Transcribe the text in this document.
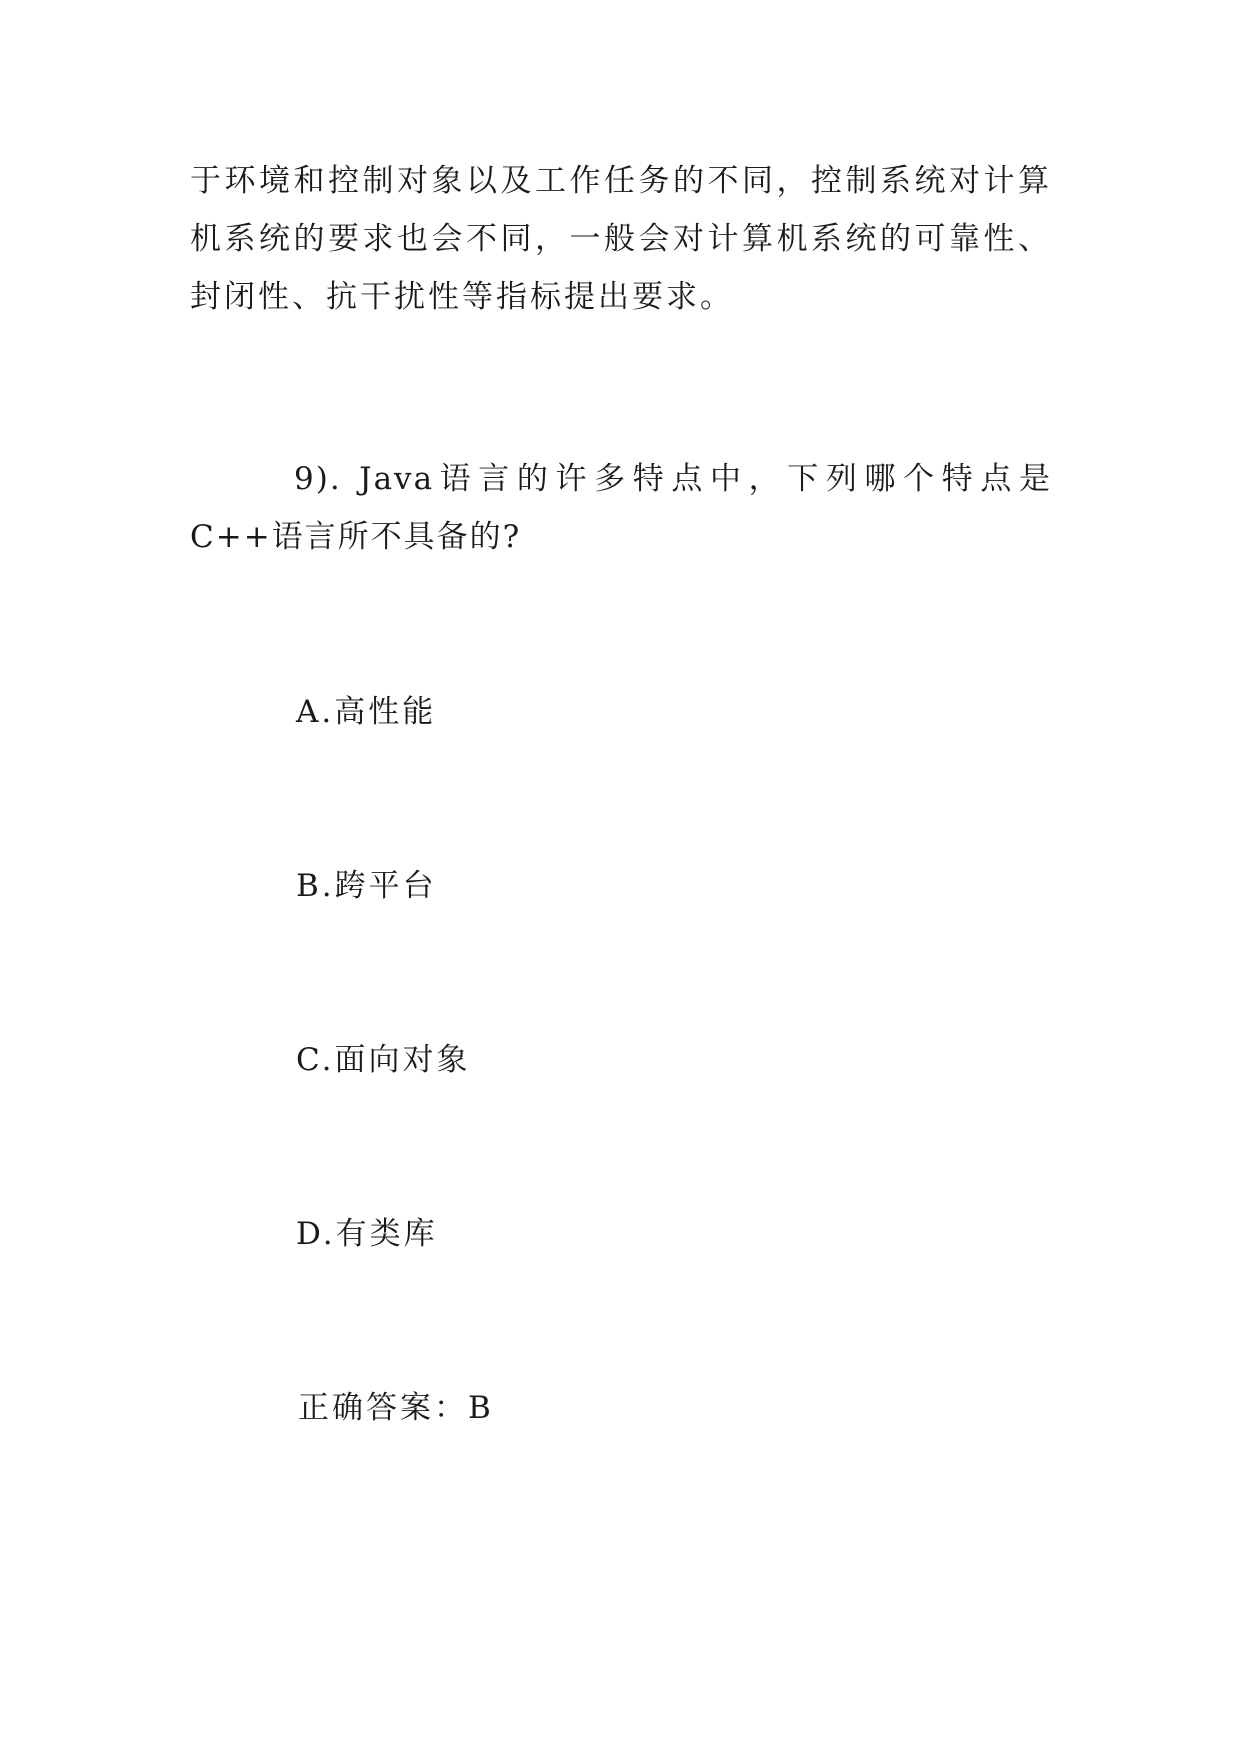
于环境和控制对象以及工作任务的不同，控制系统对计算机系统的要求也会不同，一般会对计算机系统的可靠性、封闭性、抗干扰性等指标提出要求。

9). Java语言的许多特点中，下列哪个特点是C++语言所不具备的?

A.高性能

B.跨平台

C.面向对象

D.有类库

正确答案：B
